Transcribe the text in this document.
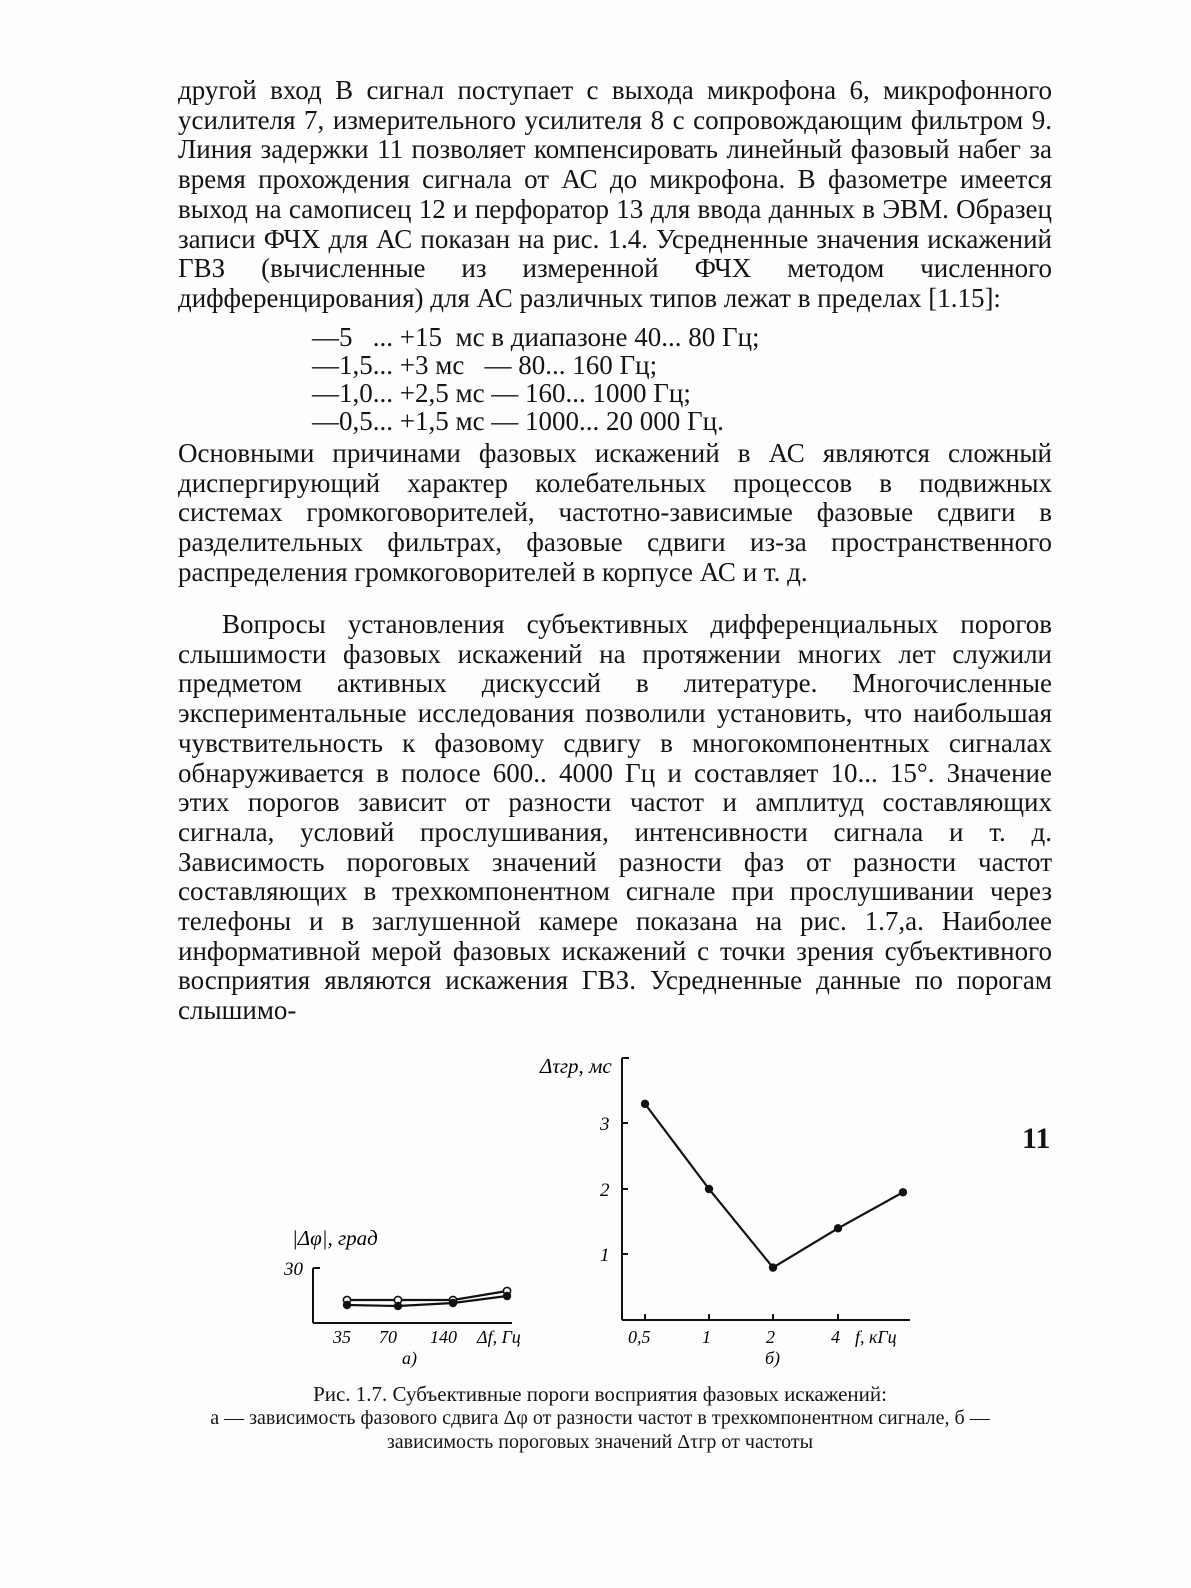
другой вход В сигнал поступает с выхода микрофона 6, микрофонного усилителя 7, измерительного усилителя 8 с сопровождающим фильтром 9. Линия задержки 11 позволяет компенсировать линейный фазовый набег за время прохождения сигнала от АС до микрофона. В фазометре имеется выход на самописец 12 и перфоратор 13 для ввода данных в ЭВМ. Образец записи ФЧХ для АС показан на рис. 1.4. Усредненные значения искажений ГВЗ (вычисленные из измеренной ФЧХ методом численного дифференцирования) для АС различных типов лежат в пределах [1.15]:
—5   ... +15  мс в диапазоне 40... 80 Гц;
—1,5... +3 мс   — 80... 160 Гц;
—1,0... +2,5 мс — 160... 1000 Гц;
—0,5... +1,5 мс — 1000... 20 000 Гц.
Основными причинами фазовых искажений в АС являются сложный диспергирующий характер колебательных процессов в подвижных системах громкоговорителей, частотно-зависимые фазовые сдвиги в разделительных фильтрах, фазовые сдвиги из-за пространственного распределения громкоговорителей в корпусе АС и т. д.
Вопросы установления субъективных дифференциальных порогов слышимости фазовых искажений на протяжении многих лет служили предметом активных дискуссий в литературе. Многочисленные экспериментальные исследования позволили установить, что наибольшая чувствительность к фазовому сдвигу в многокомпонентных сигналах обнаруживается в полосе 600.. 4000 Гц и составляет 10... 15°. Значение этих порогов зависит от разности частот и амплитуд составляющих сигнала, условий прослушивания, интенсивности сигнала и т. д. Зависимость пороговых значений разности фаз от разности частот составляющих в трехкомпонентном сигнале при прослушивании через телефоны и в заглушенной камере показана на рис. 1.7,а. Наиболее информативной мерой фазовых искажений с точки зрения субъективного восприятия являются искажения ГВЗ. Усредненные данные по порогам слышимо-
|Δφ|, град
30
35 70 140 Δf, Гц
а)
Δτгр, мс
3
2
1
0,5	1	2	4 f, кГц
б)
Рис. 1.7. Субъективные пороги восприятия фазовых искажений:
а — зависимость фазового сдвига Δφ от разности частот в трехкомпонентном сигнале, б — зависимость пороговых значений Δτгр от частоты
11
